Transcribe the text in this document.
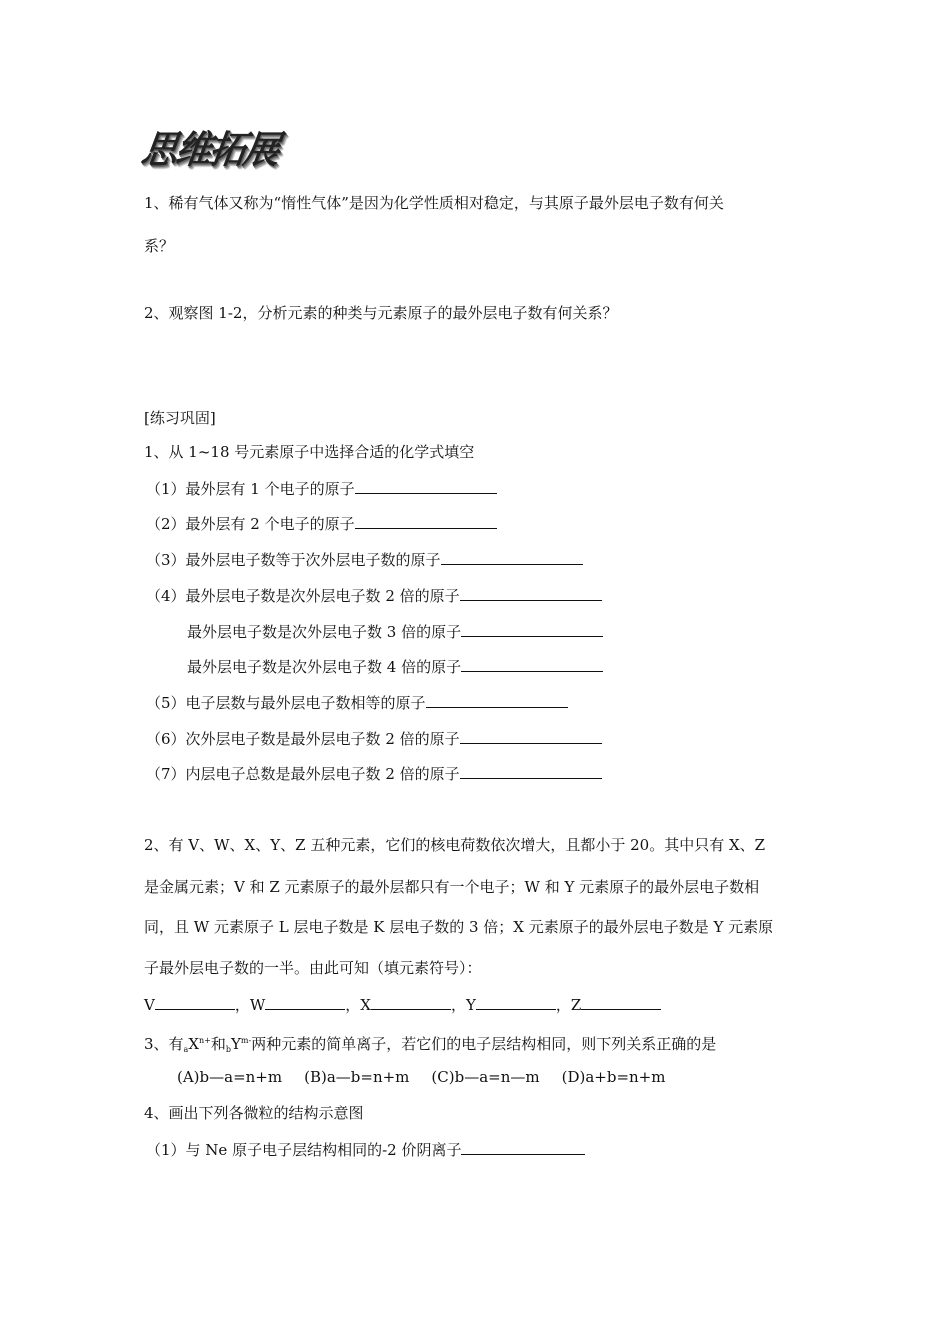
思维拓展
1、稀有气体又称为“惰性气体”是因为化学性质相对稳定，与其原子最外层电子数有何关
系？
2、观察图 1-2，分析元素的种类与元素原子的最外层电子数有何关系？
[练习巩固]
1、从 1~18 号元素原子中选择合适的化学式填空
（1）最外层有 1 个电子的原子
（2）最外层有 2 个电子的原子
（3）最外层电子数等于次外层电子数的原子
（4）最外层电子数是次外层电子数 2 倍的原子
最外层电子数是次外层电子数 3 倍的原子
最外层电子数是次外层电子数 4 倍的原子
（5）电子层数与最外层电子数相等的原子
（6）次外层电子数是最外层电子数 2 倍的原子
（7）内层电子总数是最外层电子数 2 倍的原子
2、有 V、W、X、Y、Z 五种元素，它们的核电荷数依次增大，且都小于 20。其中只有 X、Z
是金属元素；V 和 Z 元素原子的最外层都只有一个电子；W 和 Y 元素原子的最外层电子数相
同，且 W 元素原子 L 层电子数是 K 层电子数的 3 倍；X 元素原子的最外层电子数是 Y 元素原
子最外层电子数的一半。由此可知（填元素符号）：
V	，W	，X	，Y	，Z
3、有$_aX^{n+}$和$_bY^{m-}$两种元素的简单离子，若它们的电子层结构相同，则下列关系正确的是
(A)b—a=n+m (B)a—b=n+m (C)b—a=n—m (D)a+b=n+m
4、画出下列各微粒的结构示意图
（1）与 Ne 原子电子层结构相同的-2 价阴离子
